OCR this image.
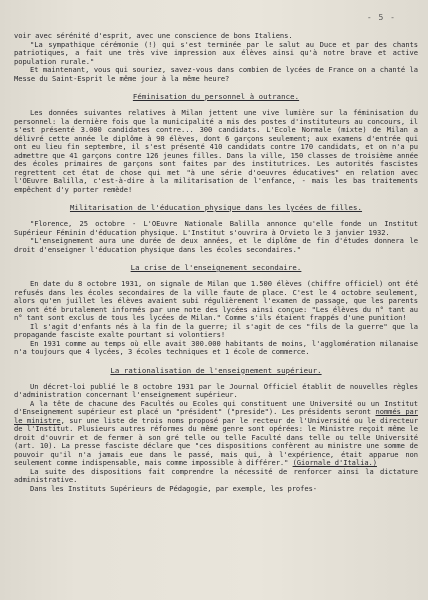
- 5 -

voir avec sérénité d'esprit, avec une conscience de bons Italiens.

"La sympathique cérémonie (!) qui s'est terminée par le salut au Duce et par des chants patriotiques, a fait une très vive impression aux élèves ainsi qu'à notre brave et active population rurale."

Et maintenant, vous qui souriez, savez-vous dans combien de lycées de France on a chanté la Messe du Saint-Esprit le même jour à la même heure?

Féminisation du personnel à outrance.

Les données suivantes relatives à Milan jettent une vive lumière sur la féminisation du personnel: la dernière fois que la municipalité a mis des postes d'instituteurs au concours, il s'est présenté 3.000 candidates contre... 300 candidats. L'Ecole Normale (mixte) de Milan a délivré cette année le diplôme à 90 élèves, dont 6 garçons seulement; aux examens d'entrée qui ont eu lieu fin septembre, il s'est présenté 410 candidats contre 170 candidats, et on n'a pu admettre que 41 garçons contre 126 jeunes filles. Dans la ville, 150 classes de troisième année des écoles primaires de garçons sont faites par des institutrices. Les autorités fascistes regrettent cet état de chose qui met "à une série d'oeuvres éducatives" en relation avec l'OEuvre Balilla, c'est-à-dire à la militarisation de l'enfance, - mais les bas traitements empêchent d'y porter remède!

Militarisation de l'éducation physique dans les lycées de filles.

"Florence, 25 octobre - L'OEuvre Nationale Balilla annonce qu'elle fonde un Institut Supérieur Féminin d'éducation physique. L'Institut s'ouvrira à Orvieto le 3 janvier 1932.

"L'enseignement aura une durée de deux années, et le diplôme de fin d'études donnera le droit d'enseigner l'éducation physique dans les écoles secondaires."

La crise de l'enseignement secondaire.

En date du 8 octobre 1931, on signale de Milan que 1.500 élèves (chiffre officiel) ont été refusés dans les écoles secondaires de la ville faute de place. C'est le 4 octobre seulement, alors qu'en juillet les élèves avaient subi régulièrement l'examen de passage, que les parents en ont été brutalement informés par une note des lycées ainsi conçue: "Les élèves du n° tant au n° tant sont exclus de tous les lycées de Milan." Comme s'ils étaient frappés d'une punition!

Il s'agit d'enfants nés à la fin de la guerre; il s'agit de ces "fils de la guerre" que la propagande fasciste exalte pourtant si volontiers!

En 1931 comme au temps où elle avait 300.000 habitants de moins, l'agglomération milanaise n'a toujours que 4 lycées, 3 écoles techniques et 1 école de commerce.

La rationalisation de l'enseignement supérieur.

Un décret-loi publié le 8 octobre 1931 par le Journal Officiel établit de nouvelles règles d'administration concernant l'enseignement supérieur.

A la tête de chacune des Facultés ou Ecoles qui constituent une Université ou un Institut d'Enseignement supérieur est placé un "président" ("preside"). Les présidents seront nommés par le ministre, sur une liste de trois noms proposé par le recteur de l'Université ou le directeur de l'Institut. Plusieurs autres réformes du même genre sont opérées: le Ministre reçoit même le droit d'ouvrir et de fermer à son gré telle ou telle Faculté dans telle ou telle Université (art. 10). La presse fasciste déclare que "ces dispositions confèrent au ministre une somme de pouvoir qu'il n'a jamais eue dans le passé, mais qui, à l'expérience, était apparue non seulement comme indispensable, mais comme impossible à différer." (Giornale d'Italia.)

La suite des dispositions fait comprendre la nécessité de renforcer ainsi la dictature administrative.

Dans les Instituts Supérieurs de Pédagogie, par exemple, les profes-
